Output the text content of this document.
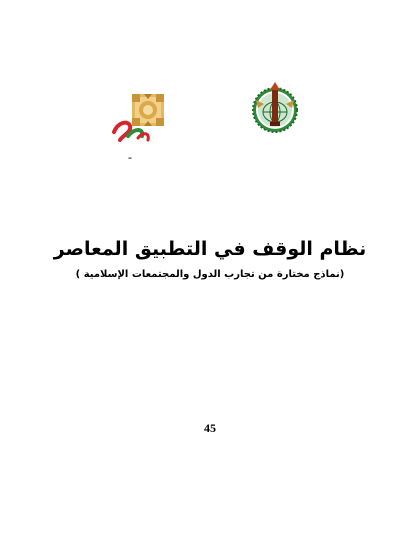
-
نظام الوقف في التطبيق المعاصر
(نماذج مختارة من تجارب الدول والمجتمعات الإسلامية )
45
